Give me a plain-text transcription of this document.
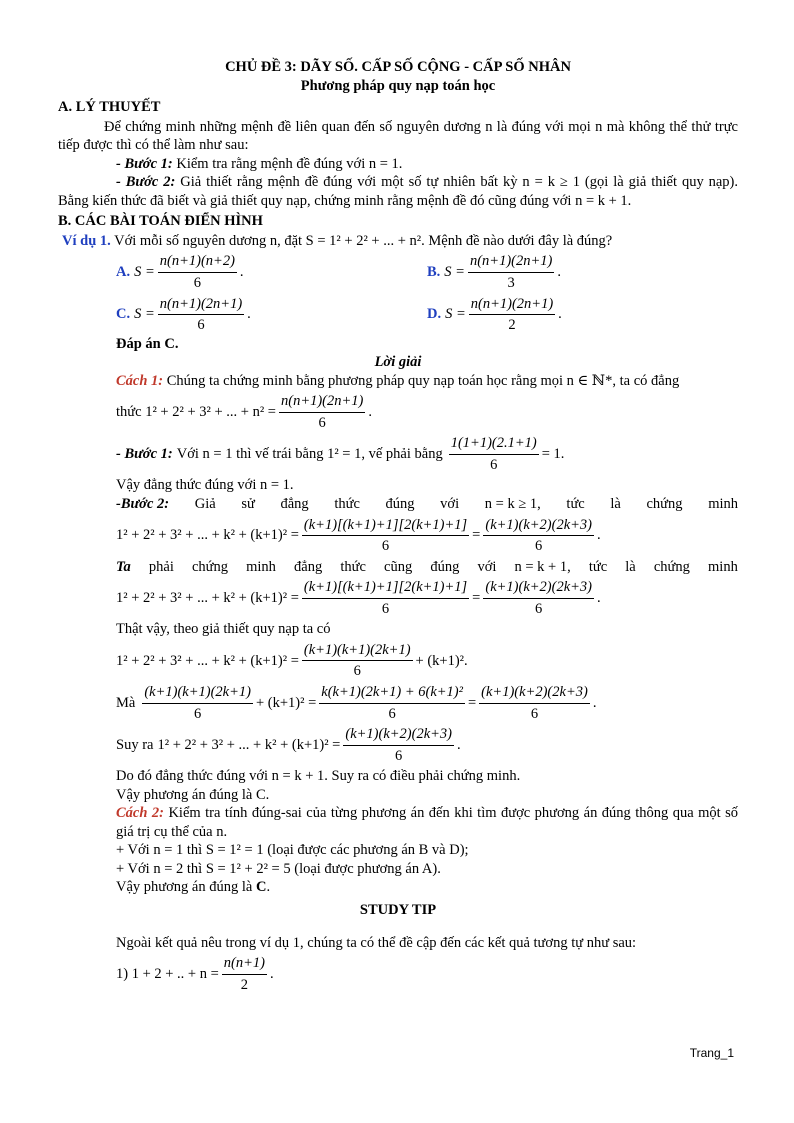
CHỦ ĐỀ 3: DÃY SỐ. CẤP SỐ CỘNG - CẤP SỐ NHÂN

Phương pháp quy nạp toán học

A. LÝ THUYẾT

Để chứng minh những mệnh đề liên quan đến số nguyên dương n là đúng với mọi n mà không thể thử trực tiếp được thì có thể làm như sau:

- Bước 1: Kiểm tra rằng mệnh đề đúng với n = 1.

- Bước 2: Giả thiết rằng mệnh đề đúng với một số tự nhiên bất kỳ n = k ≥ 1 (gọi là giả thiết quy nạp). Bằng kiến thức đã biết và giả thiết quy nạp, chứng minh rằng mệnh đề đó cũng đúng với n = k + 1.

B. CÁC BÀI TOÁN ĐIỂN HÌNH

Ví dụ 1. Với mỗi số nguyên dương n, đặt S = 1² + 2² + ... + n². Mệnh đề nào dưới đây là đúng?

A. $S = \frac{n(n+1)(n+2)}{6}$ .	B. $S = \frac{n(n+1)(2n+1)}{3}$ .
C. $S = \frac{n(n+1)(2n+1)}{6}$ .	D. $S = \frac{n(n+1)(2n+1)}{2}$ .

Đáp án C.

Lời giải

Cách 1: Chúng ta chứng minh bằng phương pháp quy nạp toán học rằng mọi n ∈ ℕ*, ta có đẳng

thức 1² + 2² + 3² + ... + $n^2 = \frac{n(n+1)(2n+1)}{6}$ .
- Bước 1: Với n = 1 thì vế trái bằng 1² = 1, vế phải bằng $\frac{1(1+1)(2.1+1)}{6} = 1$.

Vậy đẳng thức đúng với n = 1.

-Bước 2: Giả sử đẳng thức đúng với n = k ≥ 1, tức là chứng minh
1² + 2² + 3² + ... + $k^2 + (k+1)^2 = \frac{(k+1)[(k+1)+1][2(k+1)+1]}{6} = \frac{(k+1)(k+2)(2k+3)}{6}$ .
Ta phải chứng minh đẳng thức cũng đúng với n = k + 1, tức là chứng minh
1² + 2² + 3² + ... + $k^2 + (k+1)^2 = \frac{(k+1)[(k+1)+1][2(k+1)+1]}{6} = \frac{(k+1)(k+2)(2k+3)}{6}$ .

Thật vậy, theo giả thiết quy nạp ta có

1² + 2² + 3² + ... + $k^2 + (k+1)^2 = \frac{(k+1)(k+1)(2k+1)}{6} + (k+1)^2$.
Mà $\frac{(k+1)(k+1)(2k+1)}{6} + (k+1)^2 = \frac{\text{k(k+1)(2k+1) + 6(k+1)²}}{6} = \frac{(k+1)(k+2)(2k+3)}{6}$ .
Suy ra 1² + 2² + 3² + ... + $k^2 + (k+1)^2 = \frac{(k+1)(k+2)(2k+3)}{6}$ .

Do đó đẳng thức đúng với n = k + 1. Suy ra có điều phải chứng minh.

Vậy phương án đúng là C.

Cách 2: Kiểm tra tính đúng-sai của từng phương án đến khi tìm được phương án đúng thông qua một số giá trị cụ thể của n.

+ Với n = 1 thì S = 1² = 1 (loại được các phương án B và D);

+ Với n = 2 thì S = 1² + 2² = 5 (loại được phương án A).

Vậy phương án đúng là C.

STUDY TIP

Ngoài kết quả nêu trong ví dụ 1, chúng ta có thể đề cập đến các kết quả tương tự như sau:

1) 1 + 2 + .. + $n = \frac{n(n+1)}{2}$ .
Trang_1
